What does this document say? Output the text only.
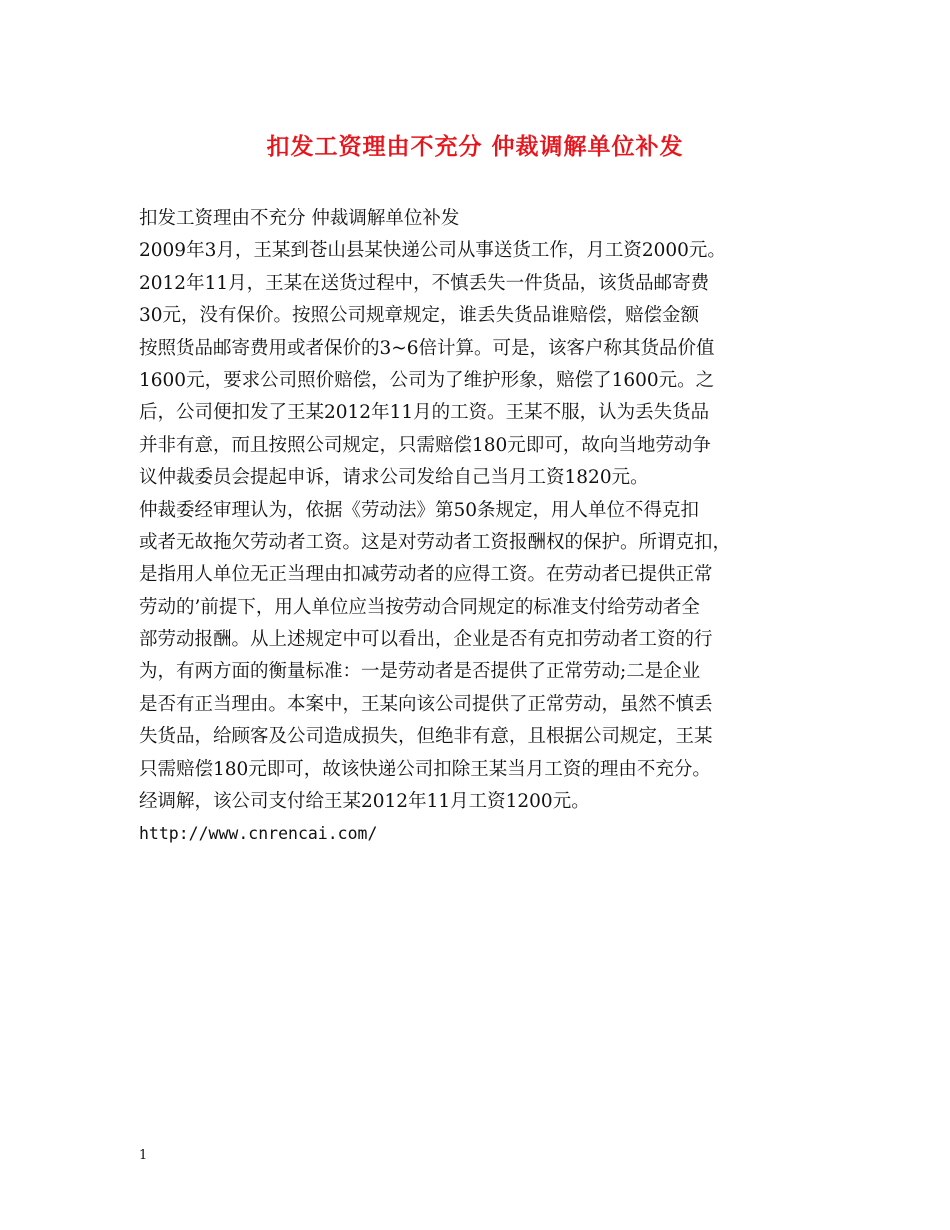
扣发工资理由不充分 仲裁调解单位补发
扣发工资理由不充分 仲裁调解单位补发
2009年3月，王某到苍山县某快递公司从事送货工作，月工资2000元。
2012年11月，王某在送货过程中，不慎丢失一件货品，该货品邮寄费
30元，没有保价。按照公司规章规定，谁丢失货品谁赔偿，赔偿金额
按照货品邮寄费用或者保价的3~6倍计算。可是，该客户称其货品价值
1600元，要求公司照价赔偿，公司为了维护形象，赔偿了1600元。之
后，公司便扣发了王某2012年11月的工资。王某不服，认为丢失货品
并非有意，而且按照公司规定，只需赔偿180元即可，故向当地劳动争
议仲裁委员会提起申诉，请求公司发给自己当月工资1820元。
仲裁委经审理认为，依据《劳动法》第50条规定，用人单位不得克扣
或者无故拖欠劳动者工资。这是对劳动者工资报酬权的保护。所谓克扣，
是指用人单位无正当理由扣减劳动者的应得工资。在劳动者已提供正常
劳动的’前提下，用人单位应当按劳动合同规定的标准支付给劳动者全
部劳动报酬。从上述规定中可以看出，企业是否有克扣劳动者工资的行
为，有两方面的衡量标准：一是劳动者是否提供了正常劳动;二是企业
是否有正当理由。本案中，王某向该公司提供了正常劳动，虽然不慎丢
失货品，给顾客及公司造成损失，但绝非有意，且根据公司规定，王某
只需赔偿180元即可，故该快递公司扣除王某当月工资的理由不充分。
经调解，该公司支付给王某2012年11月工资1200元。
http://www.cnrencai.com/
1
